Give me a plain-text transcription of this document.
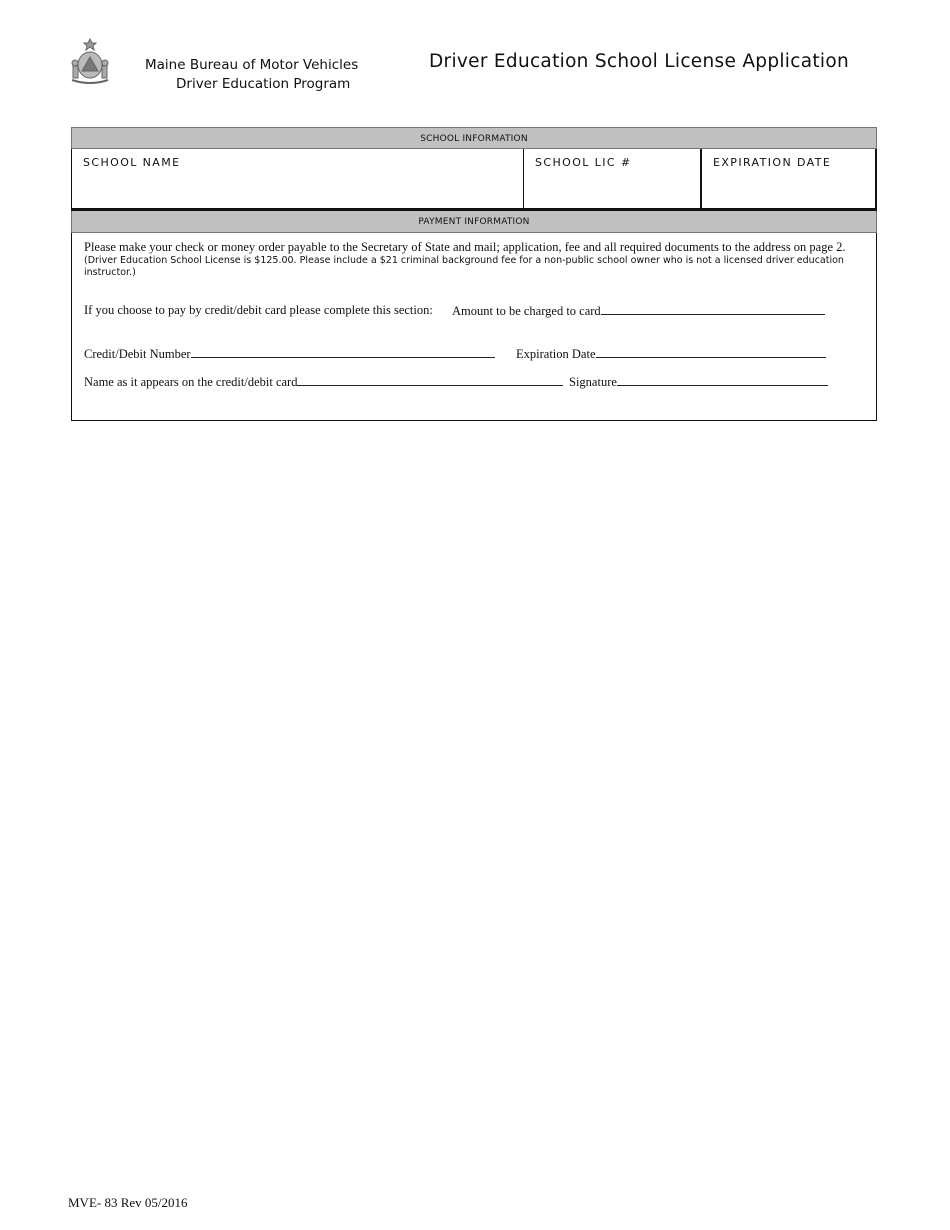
Maine Bureau of Motor Vehicles
Driver Education Program
Driver Education School License Application
SCHOOL INFORMATION
SCHOOL NAME	SCHOOL LIC #	EXPIRATION DATE
PAYMENT INFORMATION
Please make your check or money order payable to the Secretary of State and mail; application, fee and all required documents to the address on page 2.
(Driver Education School License is $125.00. Please include a $21 criminal background fee for a non-public school owner who is not a licensed driver education instructor.)
If you choose to pay by credit/debit card please complete this section: Amount to be charged to card
Credit/Debit Number	Expiration Date
Name as it appears on the credit/debit card	Signature
MVE- 83 Rev 05/2016
